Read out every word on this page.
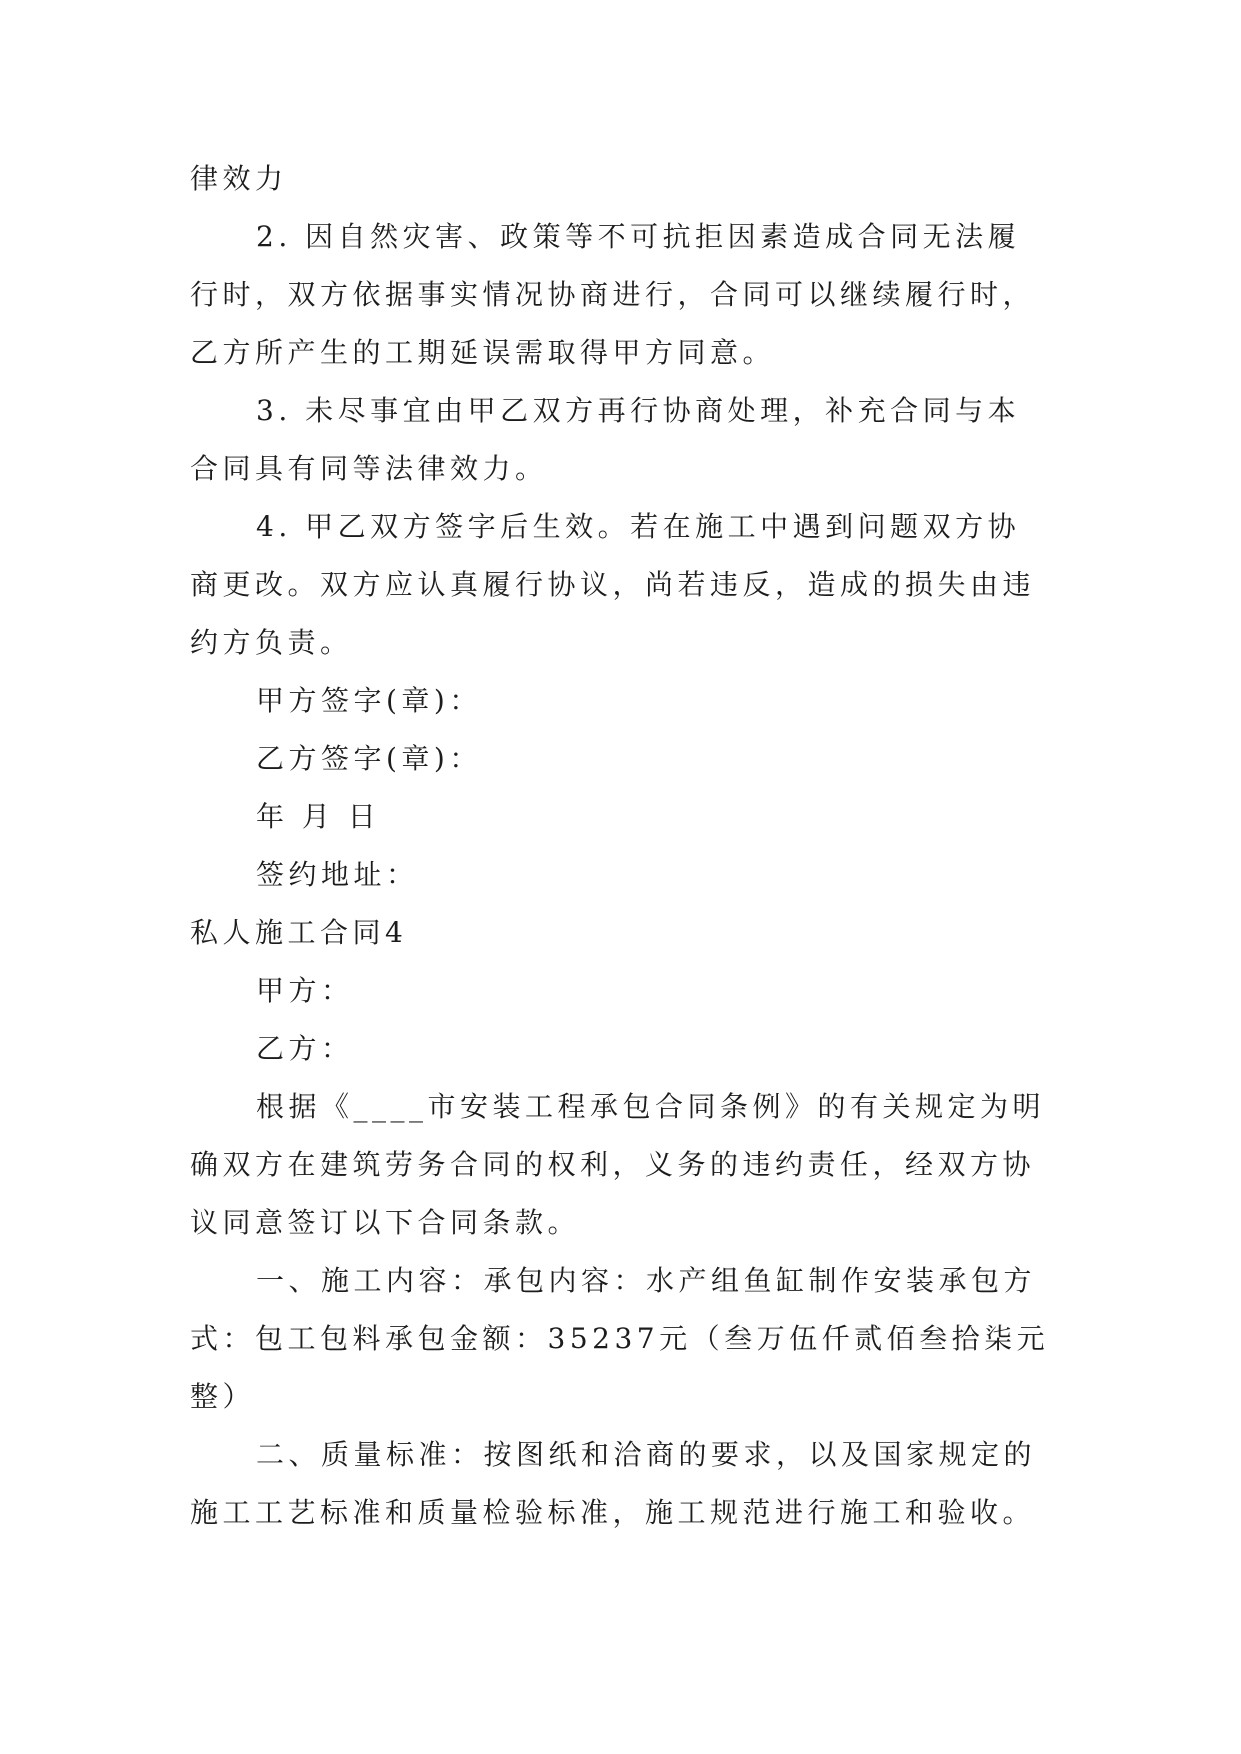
律效力
2. 因自然灾害、政策等不可抗拒因素造成合同无法履
行时，双方依据事实情况协商进行，合同可以继续履行时，
乙方所产生的工期延误需取得甲方同意。
3. 未尽事宜由甲乙双方再行协商处理，补充合同与本
合同具有同等法律效力。
4. 甲乙双方签字后生效。若在施工中遇到问题双方协
商更改。双方应认真履行协议，尚若违反，造成的损失由违
约方负责。
甲方签字(章)：
乙方签字(章)：
年 月 日
签约地址：
私人施工合同4
甲方：
乙方：
根据《____市安装工程承包合同条例》的有关规定为明
确双方在建筑劳务合同的权利，义务的违约责任，经双方协
议同意签订以下合同条款。
一、施工内容：承包内容：水产组鱼缸制作安装承包方
式：包工包料承包金额：35237元（叁万伍仟贰佰叁拾柒元
整）
二、质量标准：按图纸和洽商的要求，以及国家规定的
施工工艺标准和质量检验标准，施工规范进行施工和验收。
